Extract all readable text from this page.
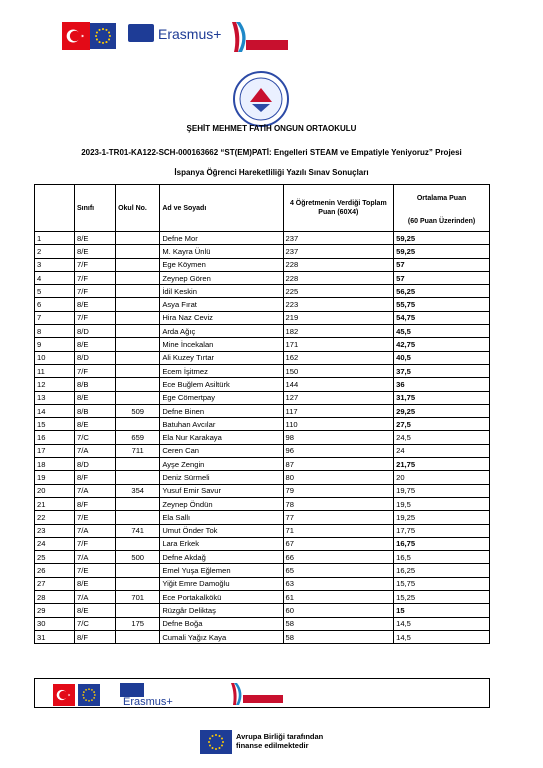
Erasmus+
ŞEHİT MEHMET FATİH ONGUN ORTAOKULU
2023-1-TR01-KA122-SCH-000163662 “ST(EM)PATİ: Engelleri STEAM ve Empatiyle Yeniyoruz” Projesi
İspanya Öğrenci Hareketliliği Yazılı Sınav Sonuçları
	Sınıfı	Okul No.	Ad ve Soyadı	4 Öğretmenin Verdiği Toplam Puan (60X4)	Ortalama Puan
(60 Puan Üzerinden)

1	8/E		Defne Mor	237	59,25
2	8/E		M. Kayra Ünlü	237	59,25
3	7/F		Ege Köymen	228	57
4	7/F		Zeynep Gören	228	57
5	7/F		İdil Keskin	225	56,25
6	8/E		Asya Fırat	223	55,75
7	7/F		Hira Naz Ceviz	219	54,75
8	8/D		Arda Ağıç	182	45,5
9	8/E		Mine İncekalan	171	42,75
10	8/D		Ali Kuzey Tırtar	162	40,5
11	7/F		Ecem İşitmez	150	37,5
12	8/B		Ece Buğlem Asiltürk	144	36
13	8/E		Ege Cömertpay	127	31,75
14	8/B	509	Defne Binen	117	29,25
15	8/E		Batuhan Avcılar	110	27,5
16	7/C	659	Ela Nur Karakaya	98	24,5
17	7/A	711	Ceren Can	96	24
18	8/D		Ayşe Zengin	87	21,75
19	8/F		Deniz Sürmeli	80	20
20	7/A	354	Yusuf Emir Savur	79	19,75
21	8/F		Zeynep Öndün	78	19,5
22	7/E		Ela Sallı	77	19,25
23	7/A	741	Umut Önder Tok	71	17,75
24	7/F		Lara Erkek	67	16,75
25	7/A	500	Defne Akdağ	66	16,5
26	7/E		Emel Yuşa Eğlemen	65	16,25
27	8/E		Yiğit Emre Damoğlu	63	15,75
28	7/A	701	Ece Portakalkökü	61	15,25
29	8/E		Rüzgâr Deliktaş	60	15
30	7/C	175	Defne Boğa	58	14,5
31	8/F		Cumali Yağız Kaya	58	14,5
Erasmus+
Avrupa Birliği tarafından finanse edilmektedir
